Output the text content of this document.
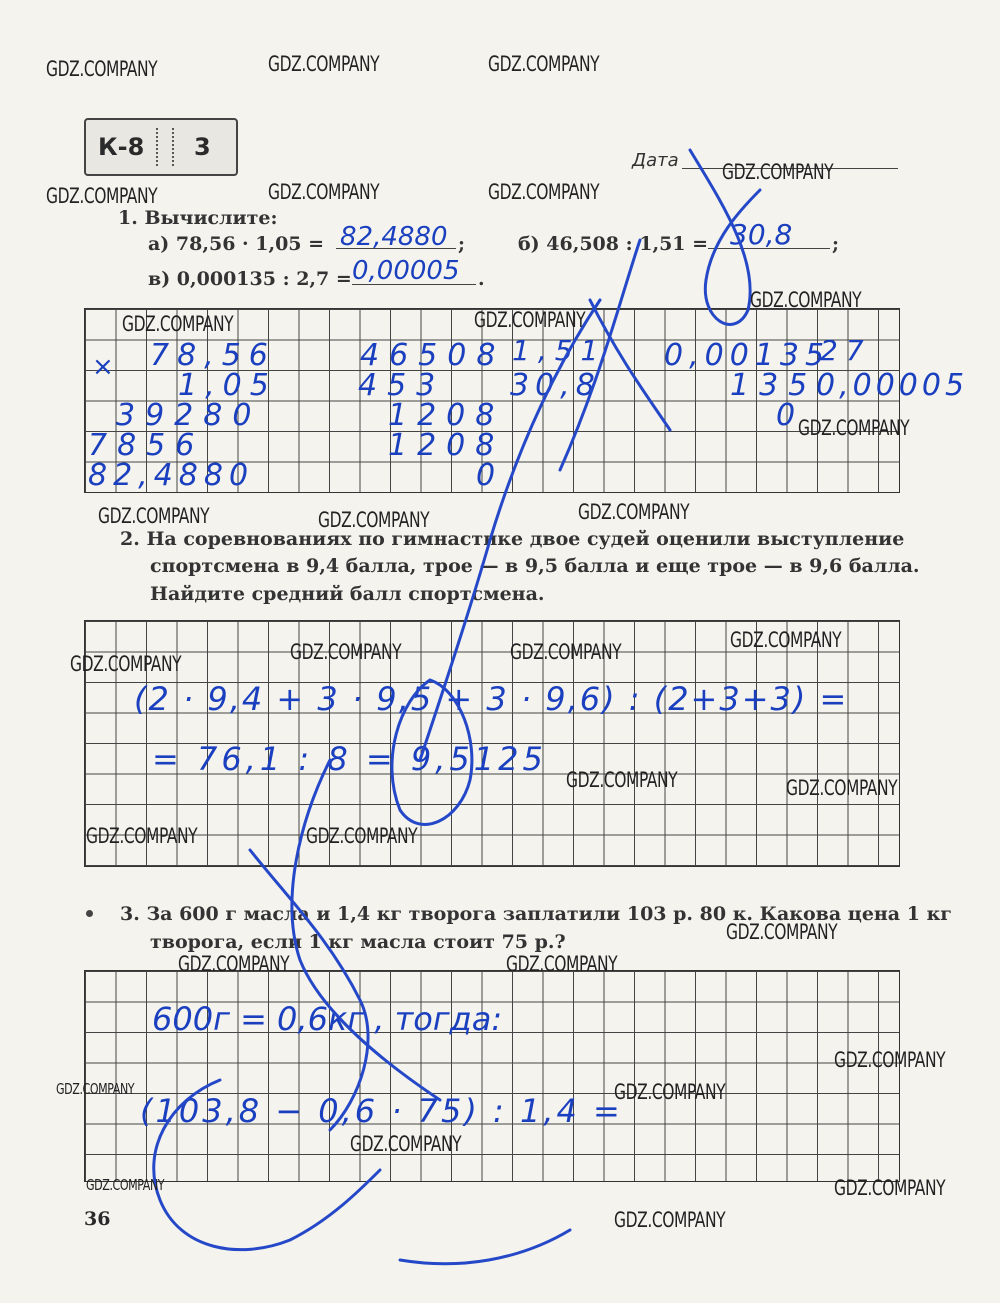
К-8 3	Дата
1. Вычислите:
а) 78,56 · 1,05 = 82,4880 ;	б) 46,508 : 1,51 = 30,8 ;
в) 0,000135 : 2,7 = 0,00005 .
× 78,56
1,05
39280
7856
82,4880
46508 1,51
30,8
453
1208
1208
0
0,00135
27
135
0,00005
0
2. На соревнованиях по гимнастике двое судей оценили выступление
спортсмена в 9,4 балла, трое — в 9,5 балла и еще трое — в 9,6 балла.
Найдите средний балл спортсмена.
(2 · 9,4 + 3 · 9,5 + 3 · 9,6) : (2+3+3) =
= 76,1 : 8 = 9,5125
3. За 600 г масла и 1,4 кг творога заплатили 103 р. 80 к. Какова цена 1 кг
творога, если 1 кг масла стоит 75 р.?
600г = 0,6кг , тогда:
(103,8 − 0,6 · 75) : 1,4 =
GDZ.COMPANY	GDZ.COMPANY	GDZ.COMPANY
GDZ.COMPANY	GDZ.COMPANY	GDZ.COMPANY
GDZ.COMPANY
GDZ.COMPANY
GDZ.COMPANY	GDZ.COMPANY
GDZ.COMPANY
GDZ.COMPANY	GDZ.COMPANY	GDZ.COMPANY
GDZ.COMPANY	GDZ.COMPANY	GDZ.COMPANY	GDZ.COMPANY
GDZ.COMPANY	GDZ.COMPANY
GDZ.COMPANY	GDZ.COMPANY
GDZ.COMPANY
GDZ.COMPANY	GDZ.COMPANY
GDZ.COMPANY
GDZ.COMPANY	GDZ.COMPANY
GDZ.COMPANY
GDZ.COMPANY	GDZ.COMPANY
GDZ.COMPANY
36
